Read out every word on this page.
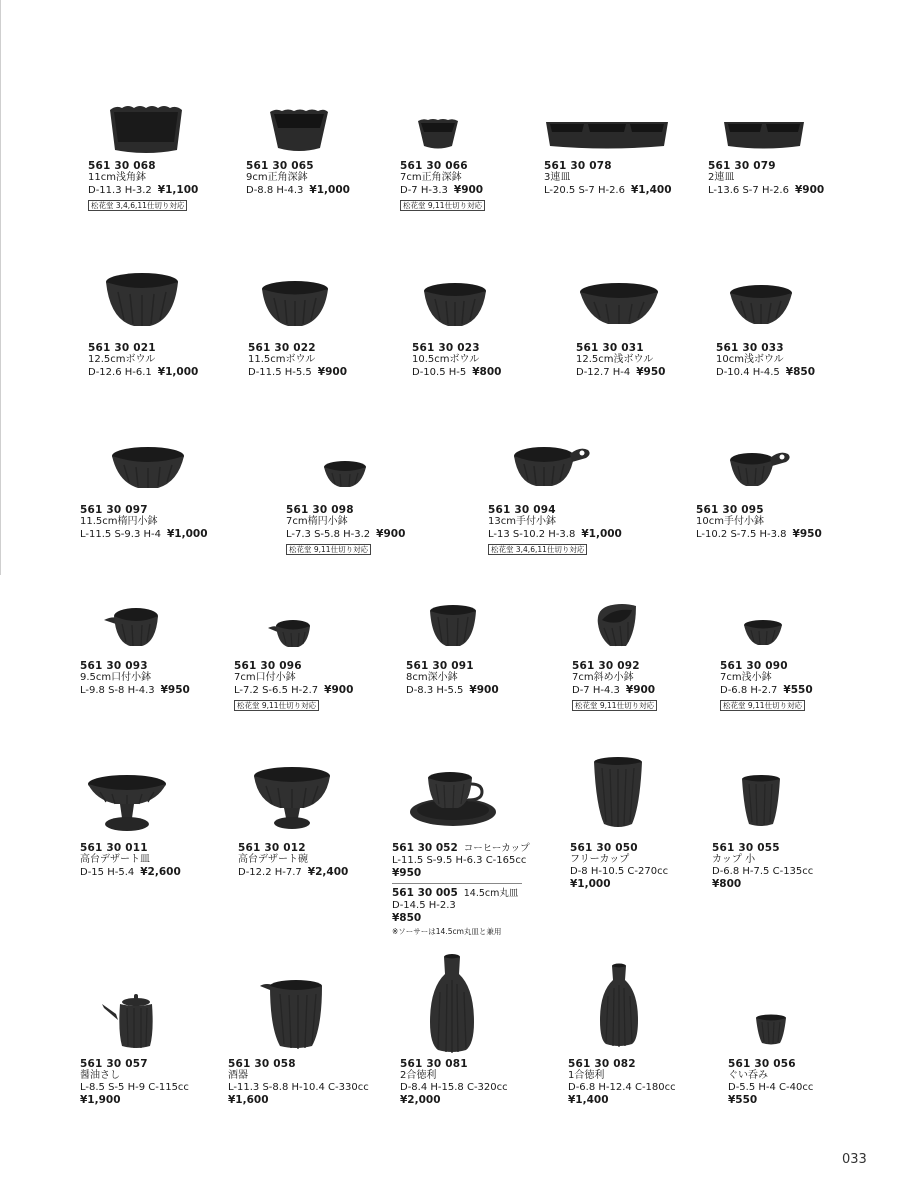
561 30 068
11cm浅角鉢
D-11.3 H-3.2 ¥1,100
松花堂 3,4,6,11仕切り対応
561 30 065
9cm正角深鉢
D-8.8 H-4.3 ¥1,000
561 30 066
7cm正角深鉢
D-7 H-3.3 ¥900
松花堂 9,11仕切り対応
561 30 078
3連皿
L-20.5 S-7 H-2.6 ¥1,400
561 30 079
2連皿
L-13.6 S-7 H-2.6 ¥900
561 30 021
12.5cmボウル
D-12.6 H-6.1 ¥1,000
561 30 022
11.5cmボウル
D-11.5 H-5.5 ¥900
561 30 023
10.5cmボウル
D-10.5 H-5 ¥800
561 30 031
12.5cm浅ボウル
D-12.7 H-4 ¥950
561 30 033
10cm浅ボウル
D-10.4 H-4.5 ¥850
561 30 097
11.5cm楕円小鉢
L-11.5 S-9.3 H-4 ¥1,000
561 30 098
7cm楕円小鉢
L-7.3 S-5.8 H-3.2 ¥900
松花堂 9,11仕切り対応
561 30 094
13cm手付小鉢
L-13 S-10.2 H-3.8 ¥1,000
松花堂 3,4,6,11仕切り対応
561 30 095
10cm手付小鉢
L-10.2 S-7.5 H-3.8 ¥950
561 30 093
9.5cm口付小鉢
L-9.8 S-8 H-4.3 ¥950
561 30 096
7cm口付小鉢
L-7.2 S-6.5 H-2.7 ¥900
松花堂 9,11仕切り対応
561 30 091
8cm深小鉢
D-8.3 H-5.5 ¥900
561 30 092
7cm斜め小鉢
D-7 H-4.3 ¥900
松花堂 9,11仕切り対応
561 30 090
7cm浅小鉢
D-6.8 H-2.7 ¥550
松花堂 9,11仕切り対応
561 30 011
高台デザート皿
D-15 H-5.4 ¥2,600
561 30 012
高台デザート碗
D-12.2 H-7.7 ¥2,400
561 30 052 コーヒーカップ
L-11.5 S-9.5 H-6.3 C-165cc
¥950
561 30 005 14.5cm丸皿
D-14.5 H-2.3
¥850
※ソーサーは14.5cm丸皿と兼用
561 30 050
フリーカップ
D-8 H-10.5 C-270cc
¥1,000
561 30 055
カップ 小
D-6.8 H-7.5 C-135cc
¥800
561 30 057
醤油さし
L-8.5 S-5 H-9 C-115cc
¥1,900
561 30 058
酒器
L-11.3 S-8.8 H-10.4 C-330cc
¥1,600
561 30 081
2合徳利
D-8.4 H-15.8 C-320cc
¥2,000
561 30 082
1合徳利
D-6.8 H-12.4 C-180cc
¥1,400
561 30 056
ぐい呑み
D-5.5 H-4 C-40cc
¥550
033
